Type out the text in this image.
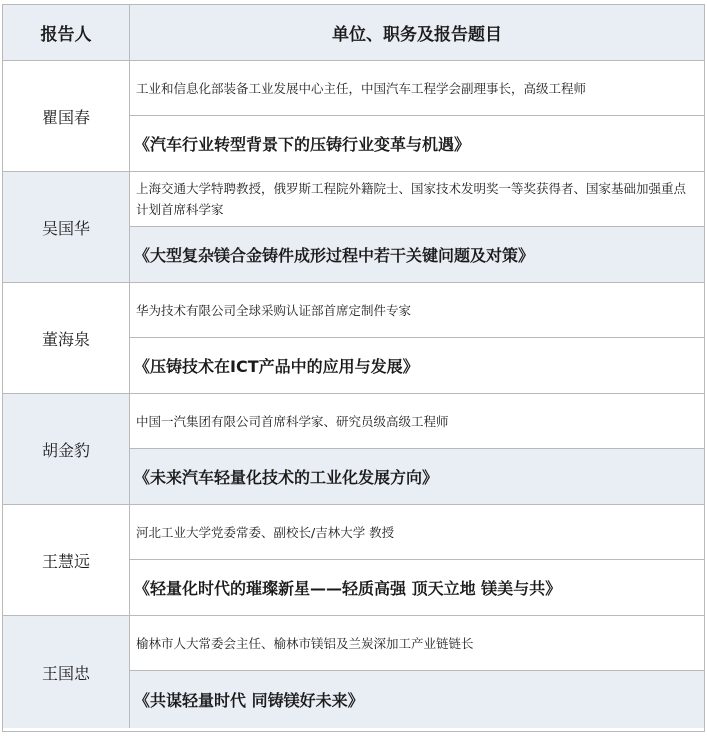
报告人	单位、职务及报告题目
瞿国春
工业和信息化部装备工业发展中心主任，中国汽车工程学会副理事长，高级工程师
《汽车行业转型背景下的压铸行业变革与机遇》
吴国华
上海交通大学特聘教授，俄罗斯工程院外籍院士、国家技术发明奖一等奖获得者、国家基础加强重点计划首席科学家
《大型复杂镁合金铸件成形过程中若干关键问题及对策》
董海泉
华为技术有限公司全球采购认证部首席定制件专家
《压铸技术在ICT产品中的应用与发展》
胡金豹
中国一汽集团有限公司首席科学家、研究员级高级工程师
《未来汽车轻量化技术的工业化发展方向》
王慧远
河北工业大学党委常委、副校长/吉林大学 教授
《轻量化时代的璀璨新星——轻质高强 顶天立地 镁美与共》
王国忠
榆林市人大常委会主任、榆林市镁铝及兰炭深加工产业链链长
《共谋轻量时代 同铸镁好未来》
